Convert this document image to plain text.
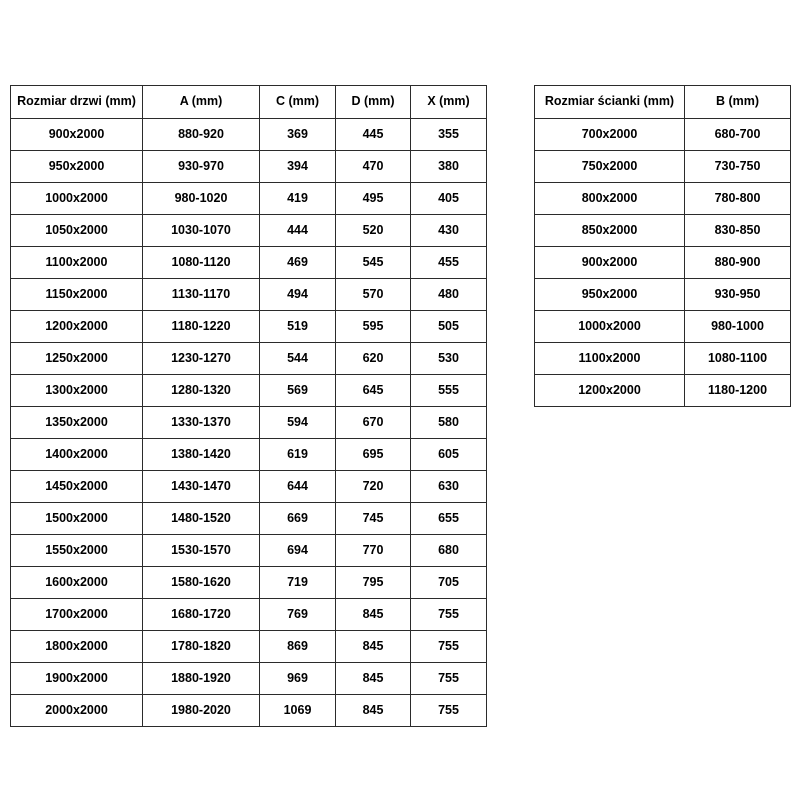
Rozmiar drzwi (mm)	A (mm)	C (mm)	D (mm)	X (mm)
900x2000	880-920	369	445	355
950x2000	930-970	394	470	380
1000x2000	980-1020	419	495	405
1050x2000	1030-1070	444	520	430
1100x2000	1080-1120	469	545	455
1150x2000	1130-1170	494	570	480
1200x2000	1180-1220	519	595	505
1250x2000	1230-1270	544	620	530
1300x2000	1280-1320	569	645	555
1350x2000	1330-1370	594	670	580
1400x2000	1380-1420	619	695	605
1450x2000	1430-1470	644	720	630
1500x2000	1480-1520	669	745	655
1550x2000	1530-1570	694	770	680
1600x2000	1580-1620	719	795	705
1700x2000	1680-1720	769	845	755
1800x2000	1780-1820	869	845	755
1900x2000	1880-1920	969	845	755
2000x2000	1980-2020	1069	845	755
Rozmiar ścianki (mm)	B (mm)
700x2000	680-700
750x2000	730-750
800x2000	780-800
850x2000	830-850
900x2000	880-900
950x2000	930-950
1000x2000	980-1000
1100x2000	1080-1100
1200x2000	1180-1200
